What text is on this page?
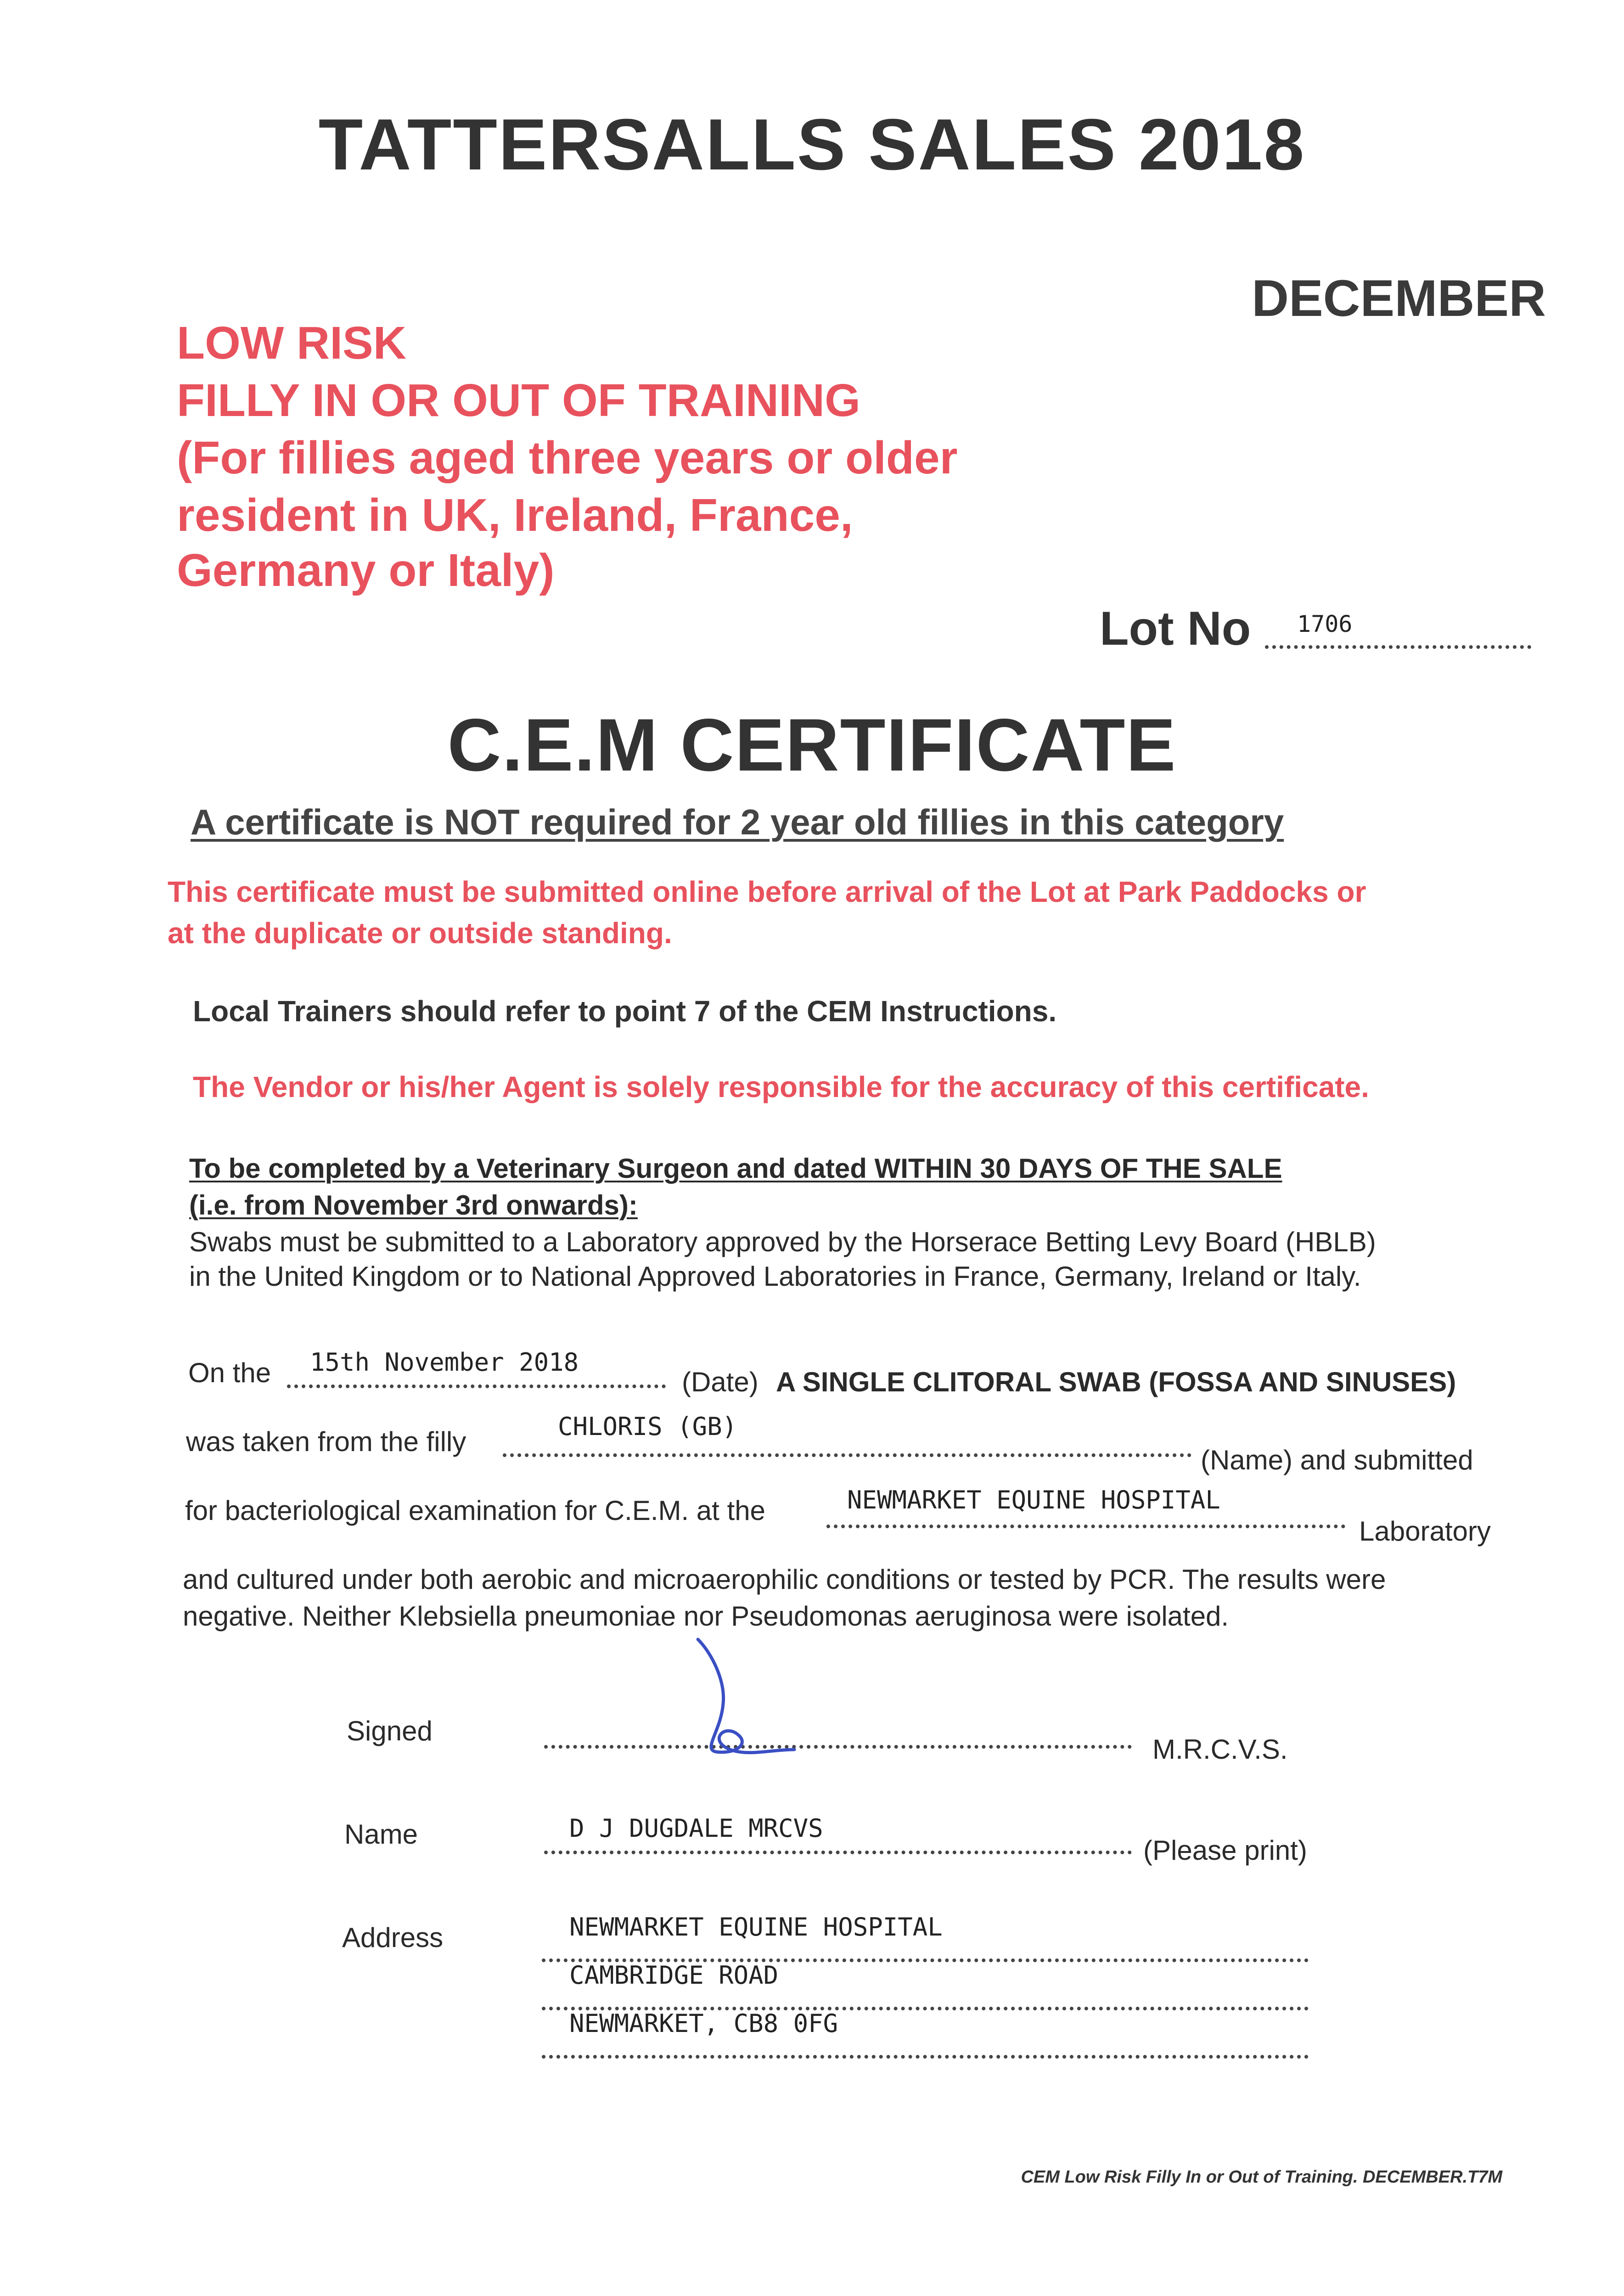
TATTERSALLS SALES 2018
DECEMBER
LOW RISK
FILLY IN OR OUT OF TRAINING
(For fillies aged three years or older
resident in UK, Ireland, France,
Germany or Italy)
Lot No 1706
C.E.M CERTIFICATE
A certificate is NOT required for 2 year old fillies in this category
This certificate must be submitted online before arrival of the Lot at Park Paddocks or
at the duplicate or outside standing.
Local Trainers should refer to point 7 of the CEM Instructions.
The Vendor or his/her Agent is solely responsible for the accuracy of this certificate.
To be completed by a Veterinary Surgeon and dated WITHIN 30 DAYS OF THE SALE
(i.e. from November 3rd onwards):
Swabs must be submitted to a Laboratory approved by the Horserace Betting Levy Board (HBLB)
in the United Kingdom or to National Approved Laboratories in France, Germany, Ireland or Italy.
On the 15th November 2018
(Date) A SINGLE CLITORAL SWAB (FOSSA AND SINUSES)
was taken from the filly	CHLORIS (GB)
(Name) and submitted
for bacteriological examination for C.E.M. at the	NEWMARKET EQUINE HOSPITAL
Laboratory
and cultured under both aerobic and microaerophilic conditions or tested by PCR. The results were
negative. Neither Klebsiella pneumoniae nor Pseudomonas aeruginosa were isolated.
Signed
M.R.C.V.S.
Name	D J DUGDALE MRCVS
(Please print)
Address	NEWMARKET EQUINE HOSPITAL
CAMBRIDGE ROAD
NEWMARKET, CB8 0FG
CEM Low Risk Filly In or Out of Training. DECEMBER.T7M
